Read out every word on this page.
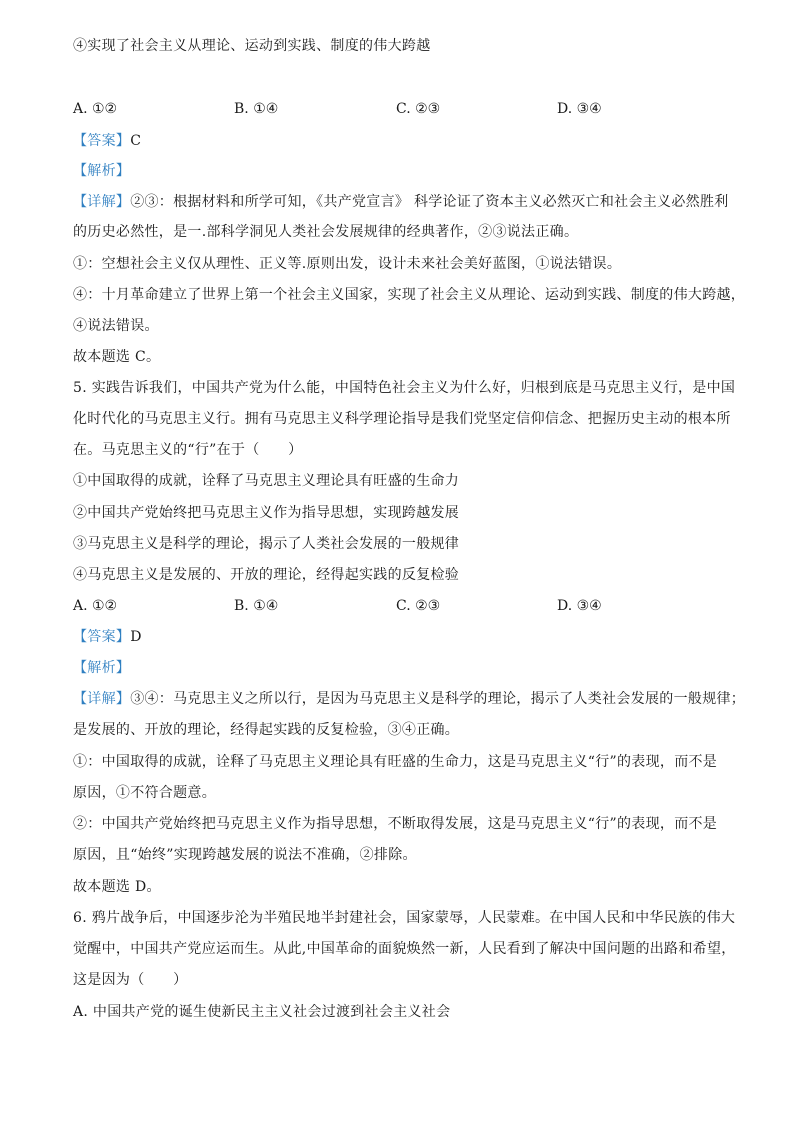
④实现了社会主义从理论、运动到实践、制度的伟大跨越
A. ①②	B. ①④	C. ②③	D. ③④
【答案】C
【解析】
【详解】②③：根据材料和所学可知，《共产党宣言》 科学论证了资本主义必然灭亡和社会主义必然胜利
的历史必然性，是一.部科学洞见人类社会发展规律的经典著作，②③说法正确。
①：空想社会主义仅从理性、正义等.原则出发，设计未来社会美好蓝图，①说法错误。
④：十月革命建立了世界上第一个社会主义国家，实现了社会主义从理论、运动到实践、制度的伟大跨越，
④说法错误。
故本题选 C。
5. 实践告诉我们，中国共产党为什么能，中国特色社会主义为什么好，归根到底是马克思主义行，是中国
化时代化的马克思主义行。拥有马克思主义科学理论指导是我们党坚定信仰信念、把握历史主动的根本所
在。马克思主义的“行”在于（　　）
①中国取得的成就，诠释了马克思主义理论具有旺盛的生命力
②中国共产党始终把马克思主义作为指导思想，实现跨越发展
③马克思主义是科学的理论，揭示了人类社会发展的一般规律
④马克思主义是发展的、开放的理论，经得起实践的反复检验
A. ①②	B. ①④	C. ②③	D. ③④
【答案】D
【解析】
【详解】③④：马克思主义之所以行，是因为马克思主义是科学的理论，揭示了人类社会发展的一般规律；
是发展的、开放的理论，经得起实践的反复检验，③④正确。
①：中国取得的成就，诠释了马克思主义理论具有旺盛的生命力，这是马克思主义“行”的表现，而不是
原因，①不符合题意。
②：中国共产党始终把马克思主义作为指导思想，不断取得发展，这是马克思主义“行”的表现，而不是
原因，且“始终”实现跨越发展的说法不准确，②排除。
故本题选 D。
6. 鸦片战争后，中国逐步沦为半殖民地半封建社会，国家蒙辱，人民蒙难。在中国人民和中华民族的伟大
觉醒中，中国共产党应运而生。从此,中国革命的面貌焕然一新，人民看到了解决中国问题的出路和希望，
这是因为（　　）
A. 中国共产党的诞生使新民主主义社会过渡到社会主义社会
